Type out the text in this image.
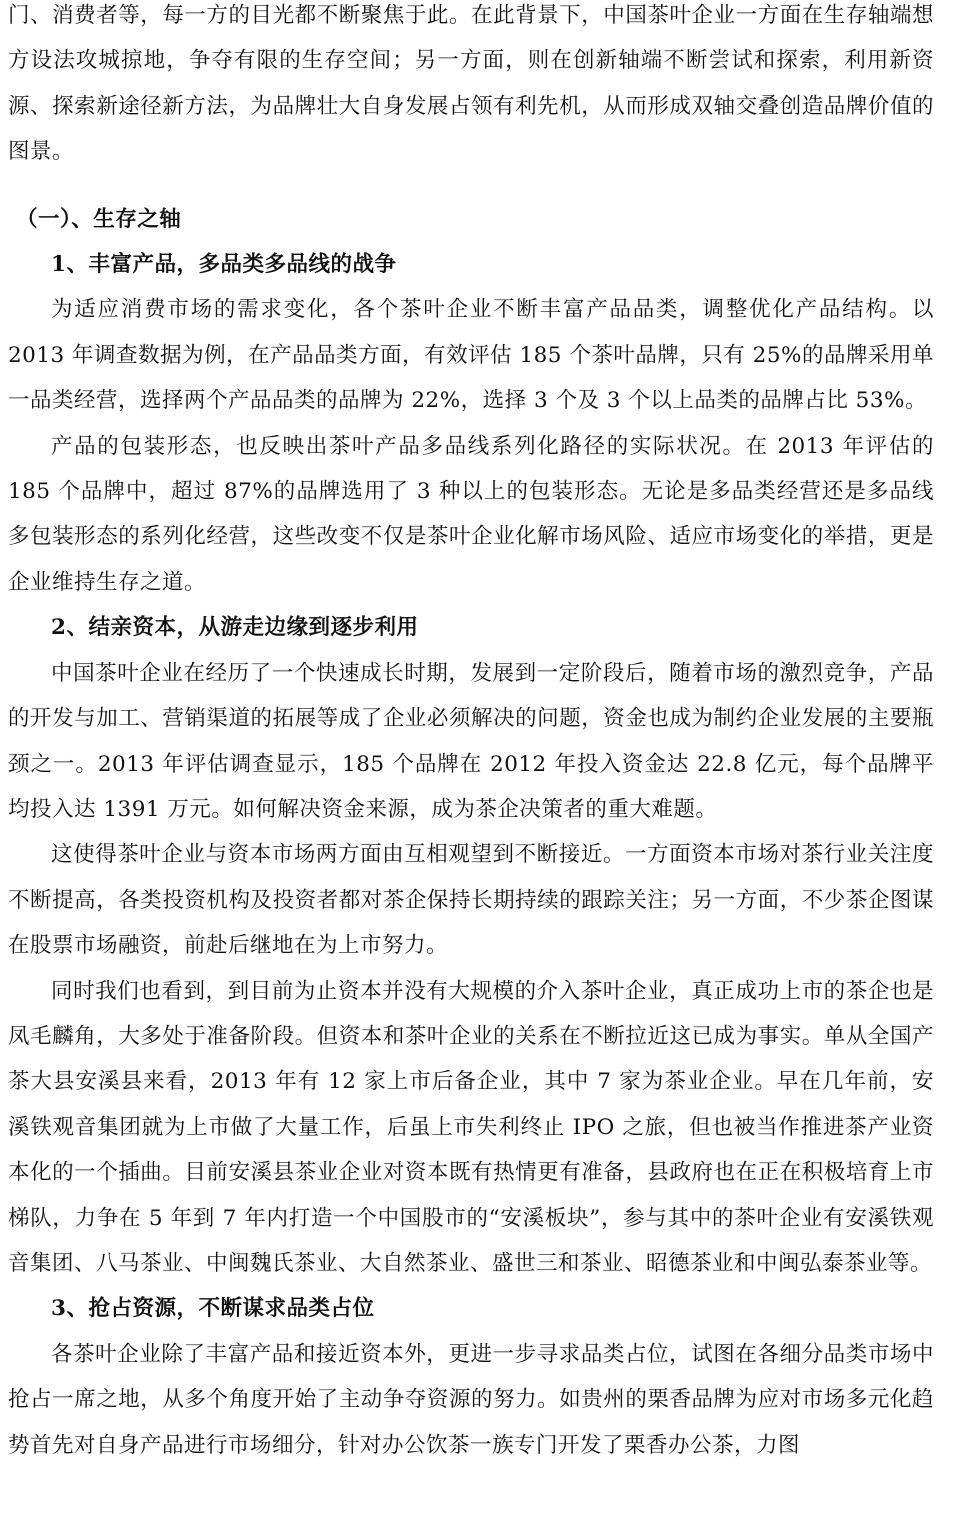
门、消费者等，每一方的目光都不断聚焦于此。在此背景下，中国茶叶企业一方面在生存轴端想方设法攻城掠地，争夺有限的生存空间；另一方面，则在创新轴端不断尝试和探索，利用新资源、探索新途径新方法，为品牌壮大自身发展占领有利先机，从而形成双轴交叠创造品牌价值的图景。

（一）、生存之轴

1、丰富产品，多品类多品线的战争

为适应消费市场的需求变化，各个茶叶企业不断丰富产品品类，调整优化产品结构。以2013 年调查数据为例，在产品品类方面，有效评估 185 个茶叶品牌，只有 25%的品牌采用单一品类经营，选择两个产品品类的品牌为 22%，选择 3 个及 3 个以上品类的品牌占比 53%。

产品的包装形态，也反映出茶叶产品多品线系列化路径的实际状况。在 2013 年评估的185 个品牌中，超过 87%的品牌选用了 3 种以上的包装形态。无论是多品类经营还是多品线多包装形态的系列化经营，这些改变不仅是茶叶企业化解市场风险、适应市场变化的举措，更是企业维持生存之道。

2、结亲资本，从游走边缘到逐步利用

中国茶叶企业在经历了一个快速成长时期，发展到一定阶段后，随着市场的激烈竞争，产品的开发与加工、营销渠道的拓展等成了企业必须解决的问题，资金也成为制约企业发展的主要瓶颈之一。2013 年评估调查显示，185 个品牌在 2012 年投入资金达 22.8 亿元，每个品牌平均投入达 1391 万元。如何解决资金来源，成为茶企决策者的重大难题。

这使得茶叶企业与资本市场两方面由互相观望到不断接近。一方面资本市场对茶行业关注度不断提高，各类投资机构及投资者都对茶企保持长期持续的跟踪关注；另一方面，不少茶企图谋在股票市场融资，前赴后继地在为上市努力。

同时我们也看到，到目前为止资本并没有大规模的介入茶叶企业，真正成功上市的茶企也是凤毛麟角，大多处于准备阶段。但资本和茶叶企业的关系在不断拉近这已成为事实。单从全国产茶大县安溪县来看，2013 年有 12 家上市后备企业，其中 7 家为茶业企业。早在几年前，安溪铁观音集团就为上市做了大量工作，后虽上市失利终止 IPO 之旅，但也被当作推进茶产业资本化的一个插曲。目前安溪县茶业企业对资本既有热情更有准备，县政府也在正在积极培育上市梯队，力争在 5 年到 7 年内打造一个中国股市的“安溪板块”，参与其中的茶叶企业有安溪铁观音集团、八马茶业、中闽魏氏茶业、大自然茶业、盛世三和茶业、昭德茶业和中闽弘泰茶业等。

3、抢占资源，不断谋求品类占位

各茶叶企业除了丰富产品和接近资本外，更进一步寻求品类占位，试图在各细分品类市场中抢占一席之地，从多个角度开始了主动争夺资源的努力。如贵州的栗香品牌为应对市场多元化趋势首先对自身产品进行市场细分，针对办公饮茶一族专门开发了栗香办公茶，力图
